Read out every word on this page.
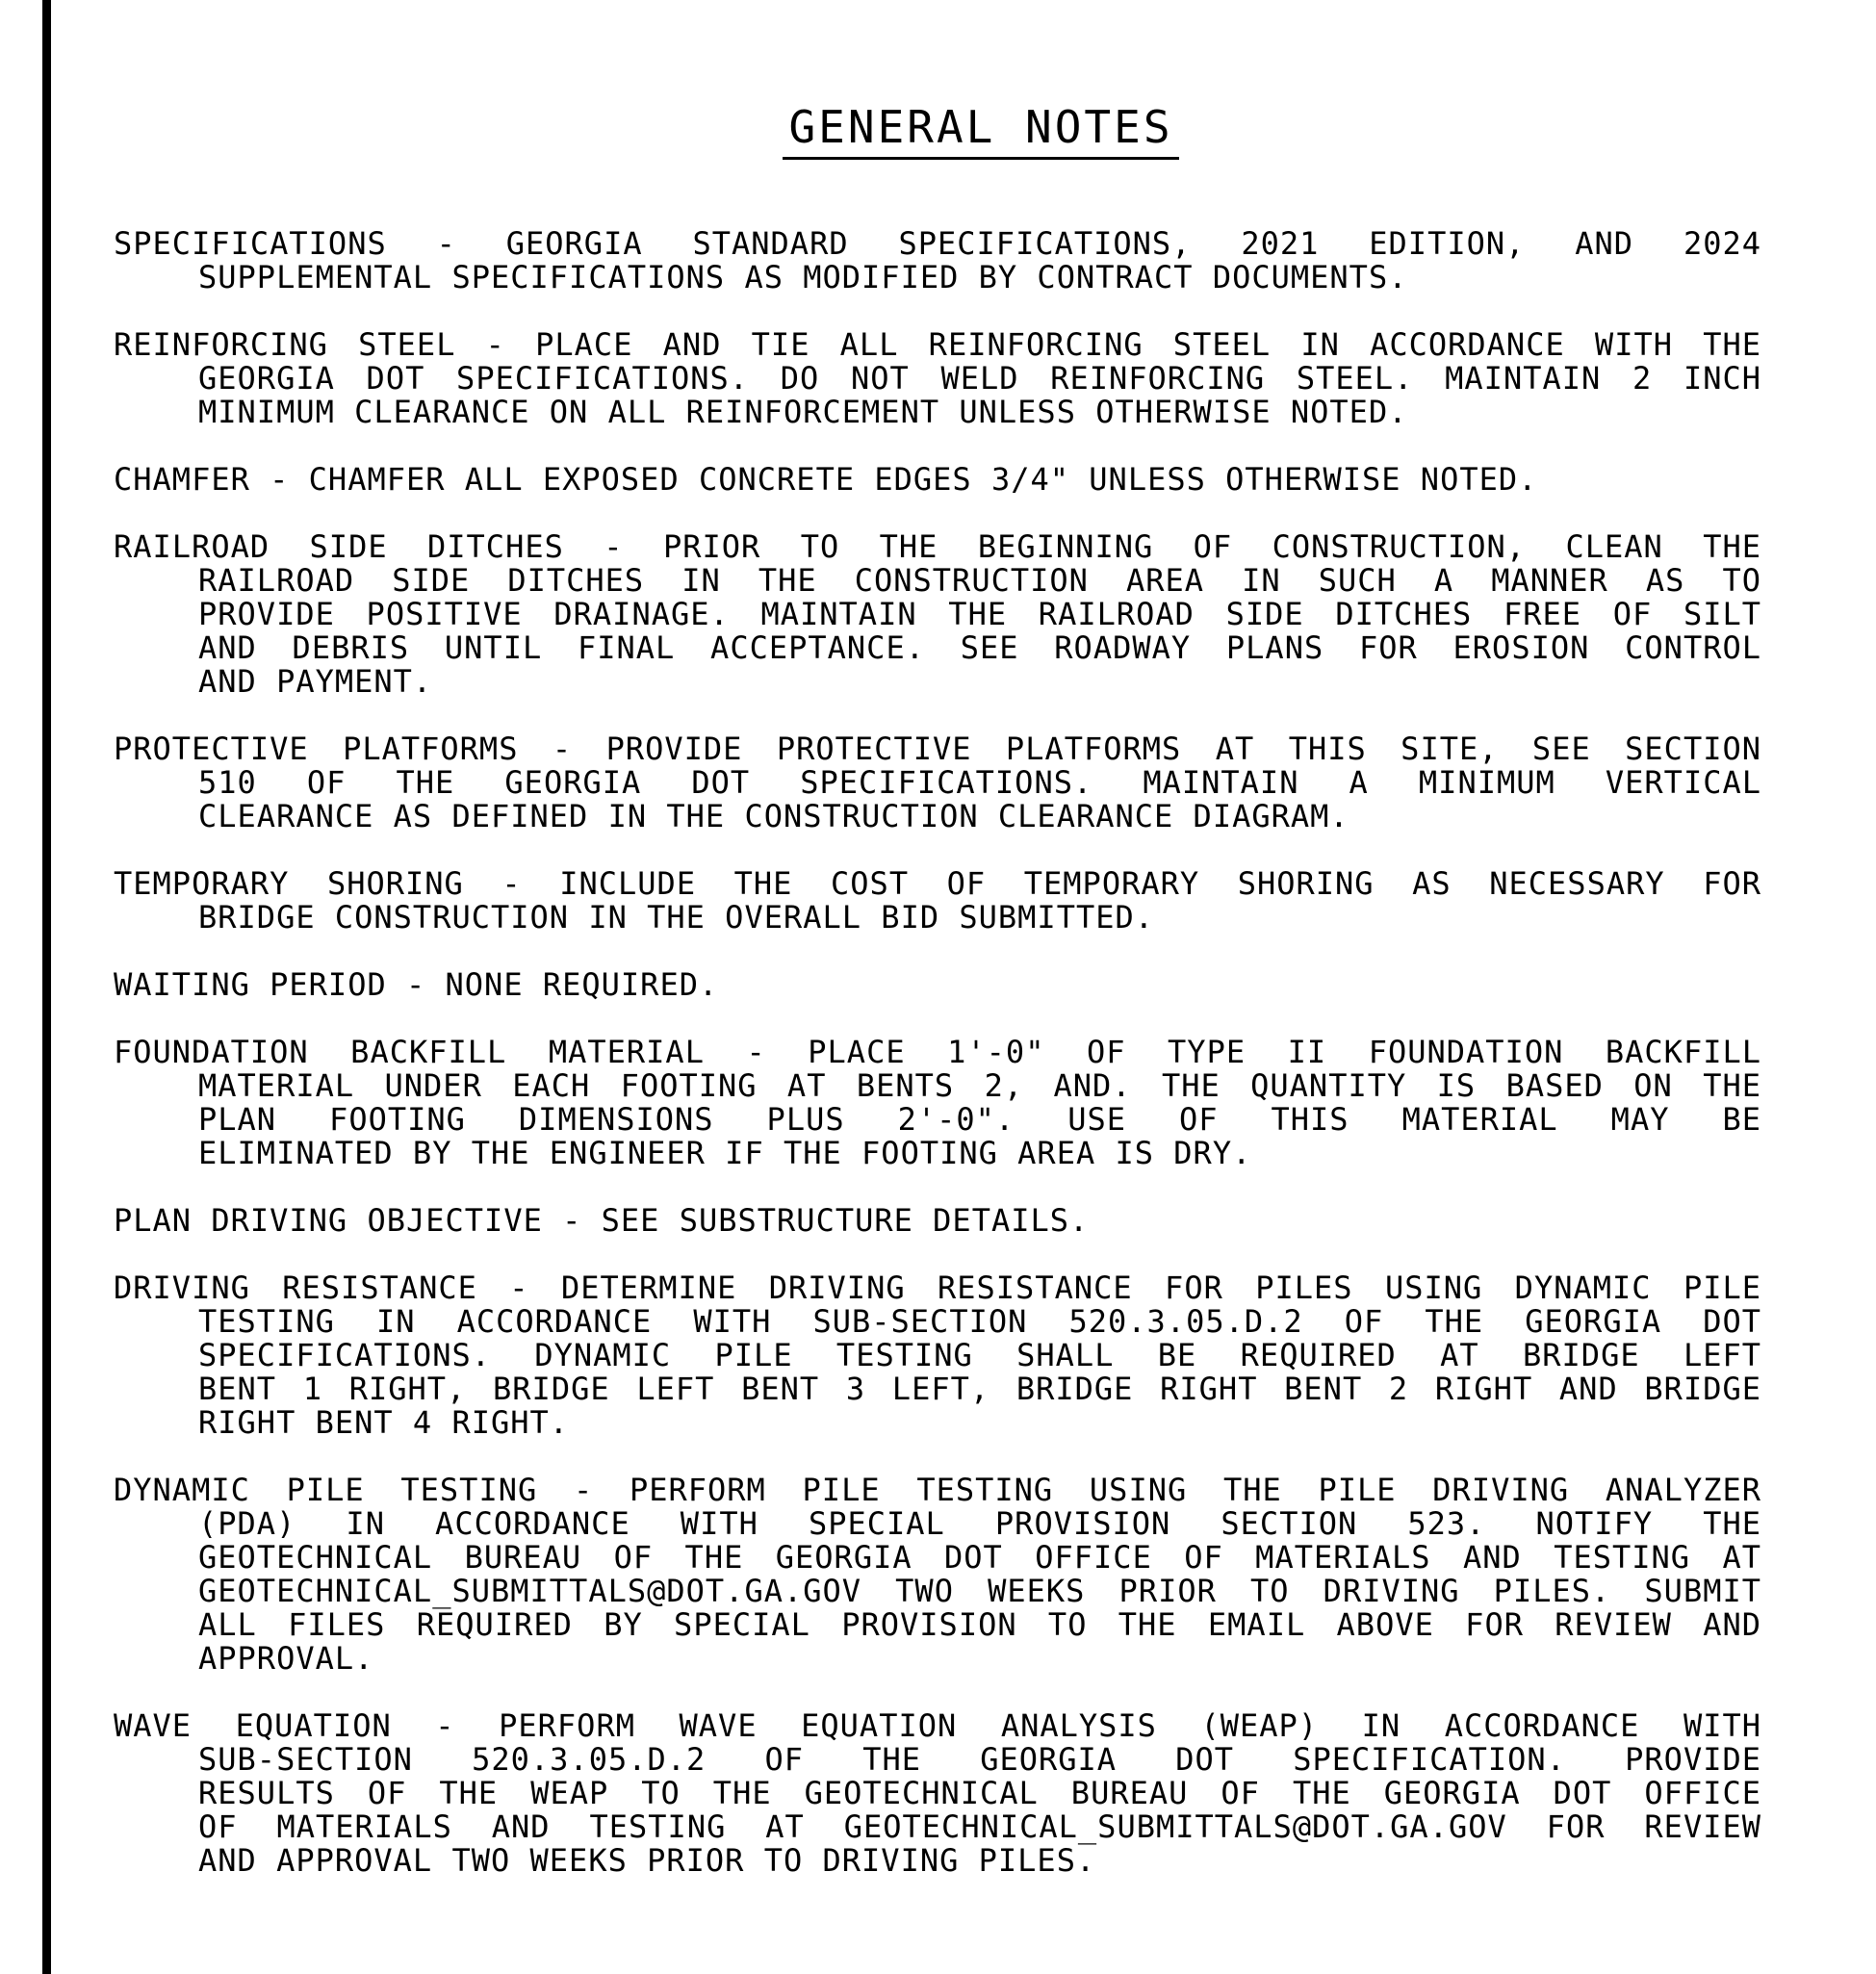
GENERAL NOTES
SPECIFICATIONS - GEORGIA STANDARD SPECIFICATIONS, 2021 EDITION, AND 2024
SUPPLEMENTAL SPECIFICATIONS AS MODIFIED BY CONTRACT DOCUMENTS.
REINFORCING STEEL - PLACE AND TIE ALL REINFORCING STEEL IN ACCORDANCE WITH THE
GEORGIA DOT SPECIFICATIONS. DO NOT WELD REINFORCING STEEL. MAINTAIN 2 INCH
MINIMUM CLEARANCE ON ALL REINFORCEMENT UNLESS OTHERWISE NOTED.
CHAMFER - CHAMFER ALL EXPOSED CONCRETE EDGES 3/4" UNLESS OTHERWISE NOTED.
RAILROAD SIDE DITCHES - PRIOR TO THE BEGINNING OF CONSTRUCTION, CLEAN THE
RAILROAD SIDE DITCHES IN THE CONSTRUCTION AREA IN SUCH A MANNER AS TO
PROVIDE POSITIVE DRAINAGE. MAINTAIN THE RAILROAD SIDE DITCHES FREE OF SILT
AND DEBRIS UNTIL FINAL ACCEPTANCE. SEE ROADWAY PLANS FOR EROSION CONTROL
AND PAYMENT.
PROTECTIVE PLATFORMS - PROVIDE PROTECTIVE PLATFORMS AT THIS SITE, SEE SECTION
510 OF THE GEORGIA DOT SPECIFICATIONS. MAINTAIN A MINIMUM VERTICAL
CLEARANCE AS DEFINED IN THE CONSTRUCTION CLEARANCE DIAGRAM.
TEMPORARY SHORING - INCLUDE THE COST OF TEMPORARY SHORING AS NECESSARY FOR
BRIDGE CONSTRUCTION IN THE OVERALL BID SUBMITTED.
WAITING PERIOD - NONE REQUIRED.
FOUNDATION BACKFILL MATERIAL - PLACE 1'-0" OF TYPE II FOUNDATION BACKFILL
MATERIAL UNDER EACH FOOTING AT BENTS 2, AND. THE QUANTITY IS BASED ON THE
PLAN FOOTING DIMENSIONS PLUS 2'-0". USE OF THIS MATERIAL MAY BE
ELIMINATED BY THE ENGINEER IF THE FOOTING AREA IS DRY.
PLAN DRIVING OBJECTIVE - SEE SUBSTRUCTURE DETAILS.
DRIVING RESISTANCE - DETERMINE DRIVING RESISTANCE FOR PILES USING DYNAMIC PILE
TESTING IN ACCORDANCE WITH SUB-SECTION 520.3.05.D.2 OF THE GEORGIA DOT
SPECIFICATIONS. DYNAMIC PILE TESTING SHALL BE REQUIRED AT BRIDGE LEFT
BENT 1 RIGHT, BRIDGE LEFT BENT 3 LEFT, BRIDGE RIGHT BENT 2 RIGHT AND BRIDGE
RIGHT BENT 4 RIGHT.
DYNAMIC PILE TESTING - PERFORM PILE TESTING USING THE PILE DRIVING ANALYZER
(PDA) IN ACCORDANCE WITH SPECIAL PROVISION SECTION 523. NOTIFY THE
GEOTECHNICAL BUREAU OF THE GEORGIA DOT OFFICE OF MATERIALS AND TESTING AT
GEOTECHNICAL_SUBMITTALS@DOT.GA.GOV TWO WEEKS PRIOR TO DRIVING PILES. SUBMIT
ALL FILES REQUIRED BY SPECIAL PROVISION TO THE EMAIL ABOVE FOR REVIEW AND
APPROVAL.
WAVE EQUATION - PERFORM WAVE EQUATION ANALYSIS (WEAP) IN ACCORDANCE WITH
SUB-SECTION 520.3.05.D.2 OF THE GEORGIA DOT SPECIFICATION. PROVIDE
RESULTS OF THE WEAP TO THE GEOTECHNICAL BUREAU OF THE GEORGIA DOT OFFICE
OF MATERIALS AND TESTING AT GEOTECHNICAL_SUBMITTALS@DOT.GA.GOV FOR REVIEW
AND APPROVAL TWO WEEKS PRIOR TO DRIVING PILES.
